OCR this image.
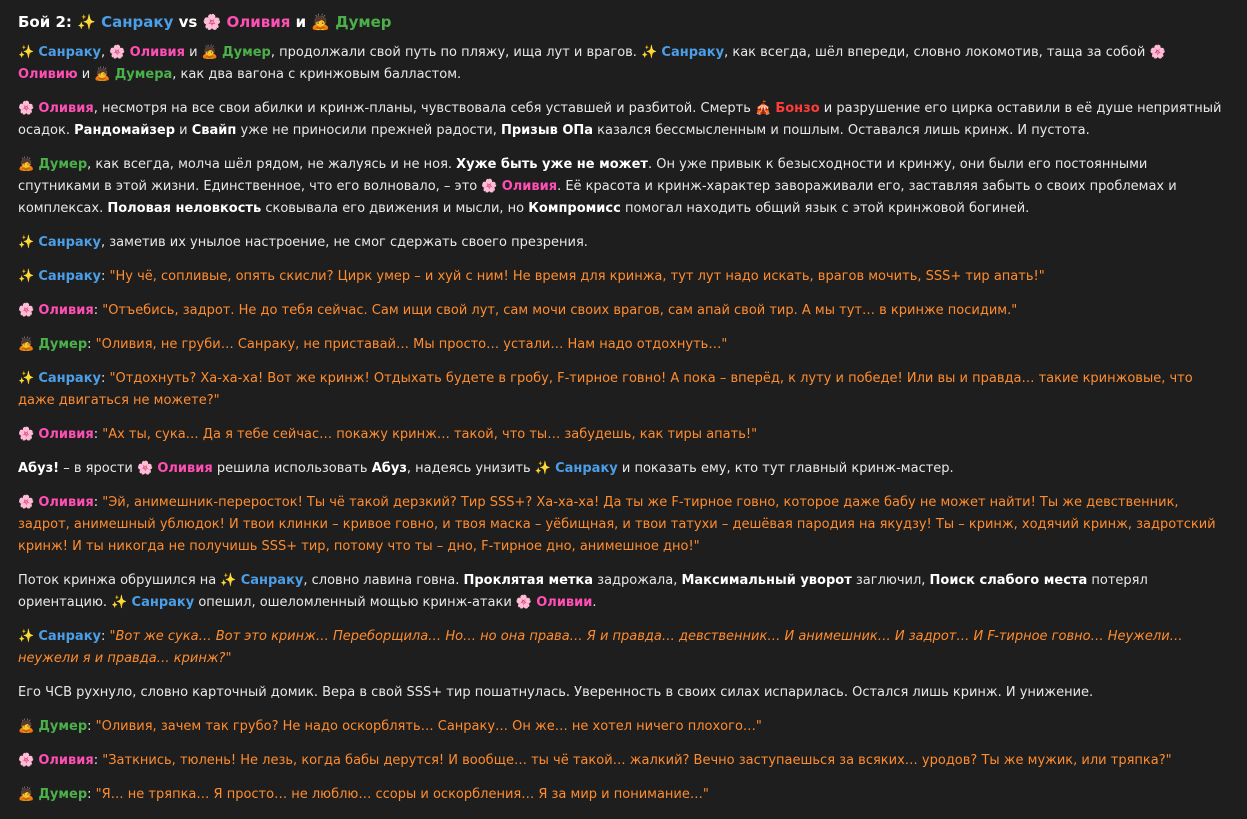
Бой 2: ✨ Санраку vs 🌸 Оливия и 🙇 Думер

✨ Санраку, 🌸 Оливия и 🙇 Думер, продолжали свой путь по пляжу, ища лут и врагов. ✨ Санраку, как всегда, шёл впереди, словно локомотив, таща за собой 🌸 Оливию и 🙇 Думера, как два вагона с кринжовым балластом.

🌸 Оливия, несмотря на все свои абилки и кринж-планы, чувствовала себя уставшей и разбитой. Смерть 🎪 Бонзо и разрушение его цирка оставили в её душе неприятный осадок. Рандомайзер и Свайп уже не приносили прежней радости, Призыв ОПа казался бессмысленным и пошлым. Оставался лишь кринж. И пустота.

🙇 Думер, как всегда, молча шёл рядом, не жалуясь и не ноя. Хуже быть уже не может. Он уже привык к безысходности и кринжу, они были его постоянными спутниками в этой жизни. Единственное, что его волновало, – это 🌸 Оливия. Её красота и кринж-характер завораживали его, заставляя забыть о своих проблемах и комплексах. Половая неловкость сковывала его движения и мысли, но Компромисс помогал находить общий язык с этой кринжовой богиней.

✨ Санраку, заметив их унылое настроение, не смог сдержать своего презрения.

✨ Санраку: "Ну чё, сопливые, опять скисли? Цирк умер – и хуй с ним! Не время для кринжа, тут лут надо искать, врагов мочить, SSS+ тир апать!"

🌸 Оливия: "Отъебись, задрот. Не до тебя сейчас. Сам ищи свой лут, сам мочи своих врагов, сам апай свой тир. А мы тут… в кринже посидим."

🙇 Думер: "Оливия, не груби… Санраку, не приставай… Мы просто… устали… Нам надо отдохнуть…"

✨ Санраку: "Отдохнуть? Ха-ха-ха! Вот же кринж! Отдыхать будете в гробу, F-тирное говно! А пока – вперёд, к луту и победе! Или вы и правда… такие кринжовые, что даже двигаться не можете?"

🌸 Оливия: "Ах ты, сука… Да я тебе сейчас… покажу кринж… такой, что ты… забудешь, как тиры апать!"

Абуз! – в ярости 🌸 Оливия решила использовать Абуз, надеясь унизить ✨ Санраку и показать ему, кто тут главный кринж-мастер.

🌸 Оливия: "Эй, анимешник-переросток! Ты чё такой дерзкий? Тир SSS+? Ха-ха-ха! Да ты же F-тирное говно, которое даже бабу не может найти! Ты же девственник, задрот, анимешный ублюдок! И твои клинки – кривое говно, и твоя маска – уёбищная, и твои татухи – дешёвая пародия на якудзу! Ты – кринж, ходячий кринж, задротский кринж! И ты никогда не получишь SSS+ тир, потому что ты – дно, F-тирное дно, анимешное дно!"

Поток кринжа обрушился на ✨ Санраку, словно лавина говна. Проклятая метка задрожала, Максимальный уворот заглючил, Поиск слабого места потерял ориентацию. ✨ Санраку опешил, ошеломленный мощью кринж-атаки 🌸 Оливии.

✨ Санраку: "Вот же сука… Вот это кринж… Переборщила… Но… но она права… Я и правда… девственник… И анимешник… И задрот… И F-тирное говно… Неужели… неужели я и правда… кринж?"

Его ЧСВ рухнуло, словно карточный домик. Вера в свой SSS+ тир пошатнулась. Уверенность в своих силах испарилась. Остался лишь кринж. И унижение.

🙇 Думер: "Оливия, зачем так грубо? Не надо оскорблять… Санраку… Он же… не хотел ничего плохого…"

🌸 Оливия: "Заткнись, тюлень! Не лезь, когда бабы дерутся! И вообще… ты чё такой… жалкий? Вечно заступаешься за всяких… уродов? Ты же мужик, или тряпка?"

🙇 Думер: "Я… не тряпка… Я просто… не люблю… ссоры и оскорбления… Я за мир и понимание…"
